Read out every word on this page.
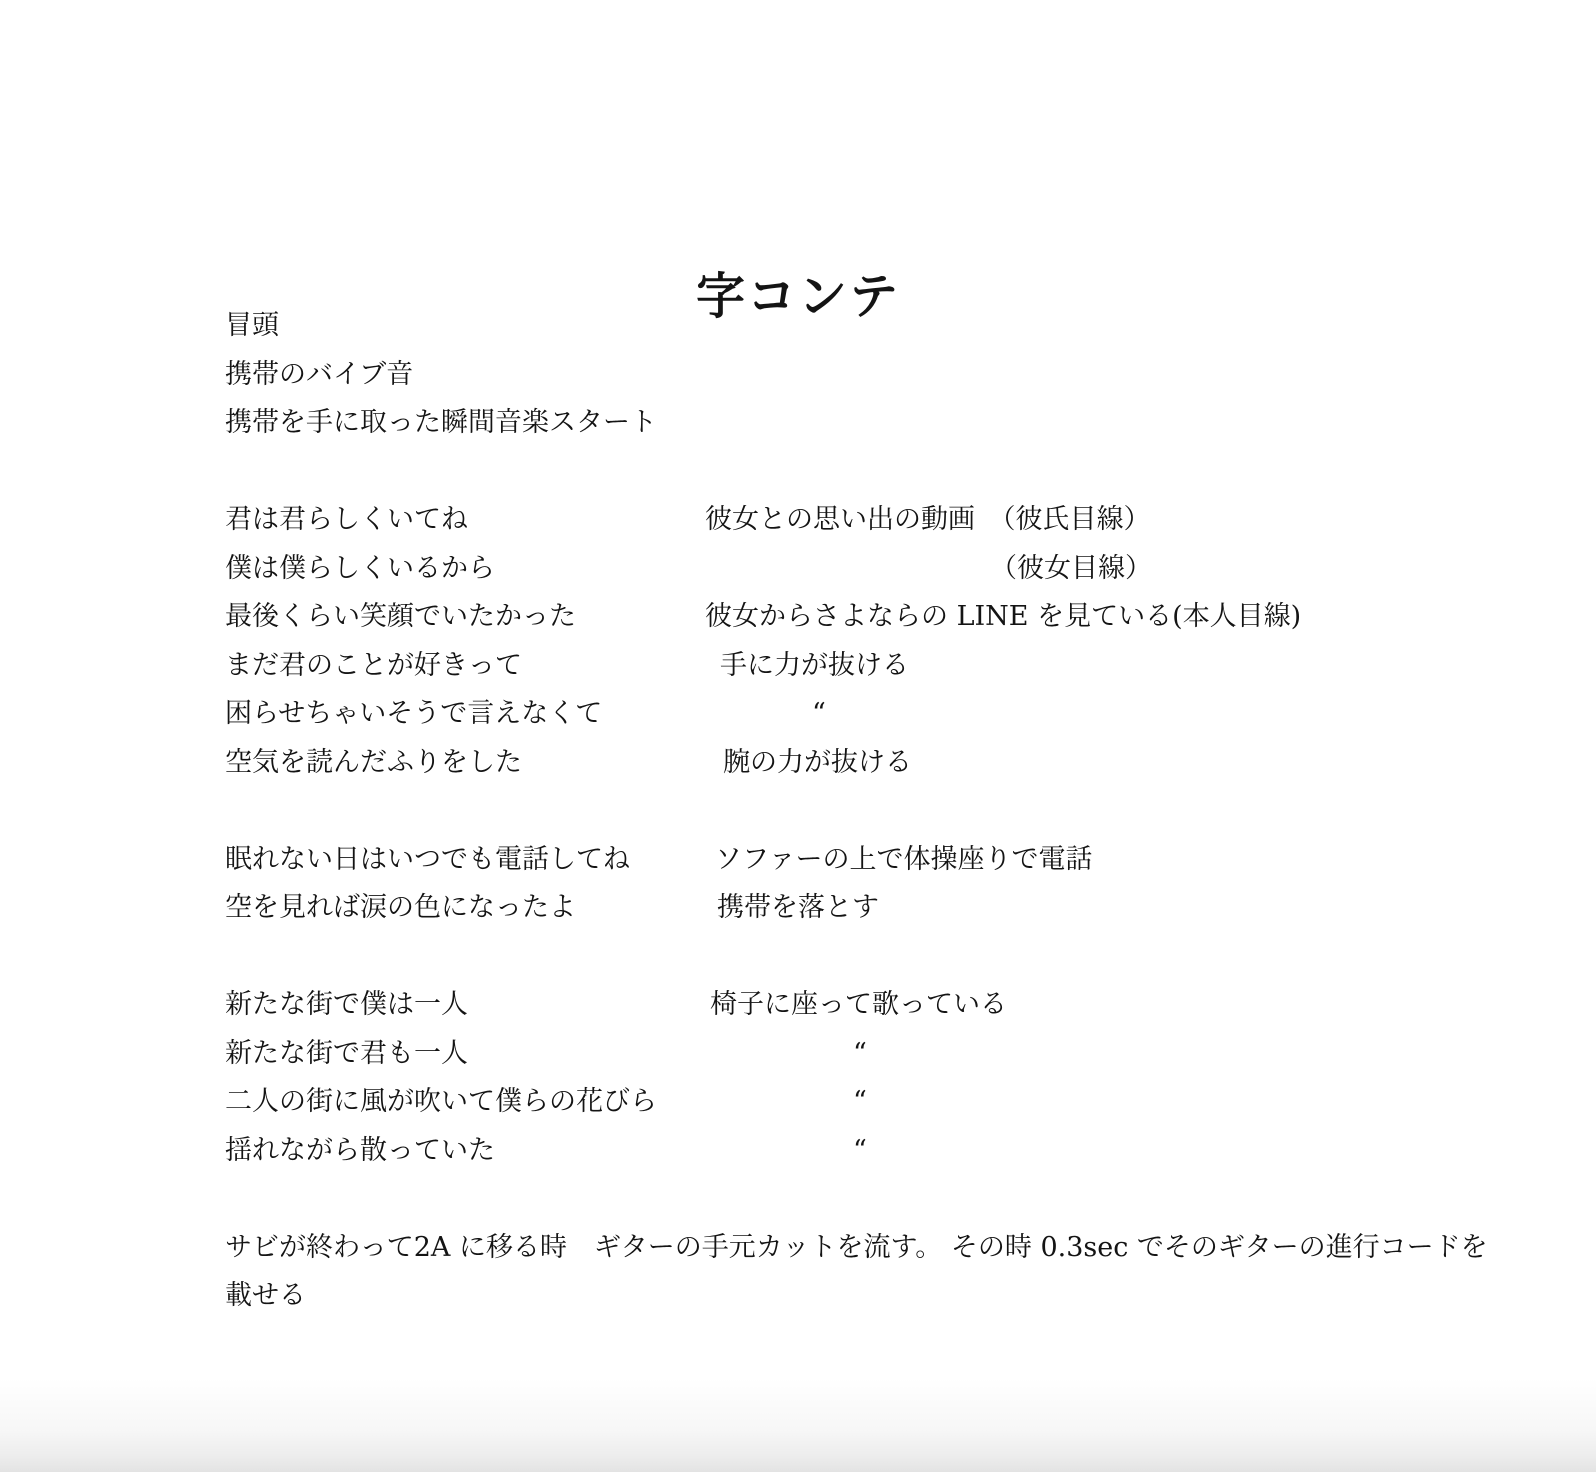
字コンテ
冒頭
携帯のバイブ音
携帯を手に取った瞬間音楽スタート
君は君らしくいてね	彼女との思い出の動画　（彼氏目線）
僕は僕らしくいるから	（彼女目線）
最後くらい笑顔でいたかった	彼女からさよならの LINE を見ている(本人目線)
まだ君のことが好きって	手に力が抜ける
困らせちゃいそうで言えなくて	“
空気を読んだふりをした	腕の力が抜ける
眠れない日はいつでも電話してね	ソファーの上で体操座りで電話
空を見れば涙の色になったよ	携帯を落とす
新たな街で僕は一人	椅子に座って歌っている
新たな街で君も一人	“
二人の街に風が吹いて僕らの花びら	“
揺れながら散っていた	“
サビが終わって2A に移る時　ギターの手元カットを流す。 その時 0.3sec でそのギターの進行コードを
載せる
